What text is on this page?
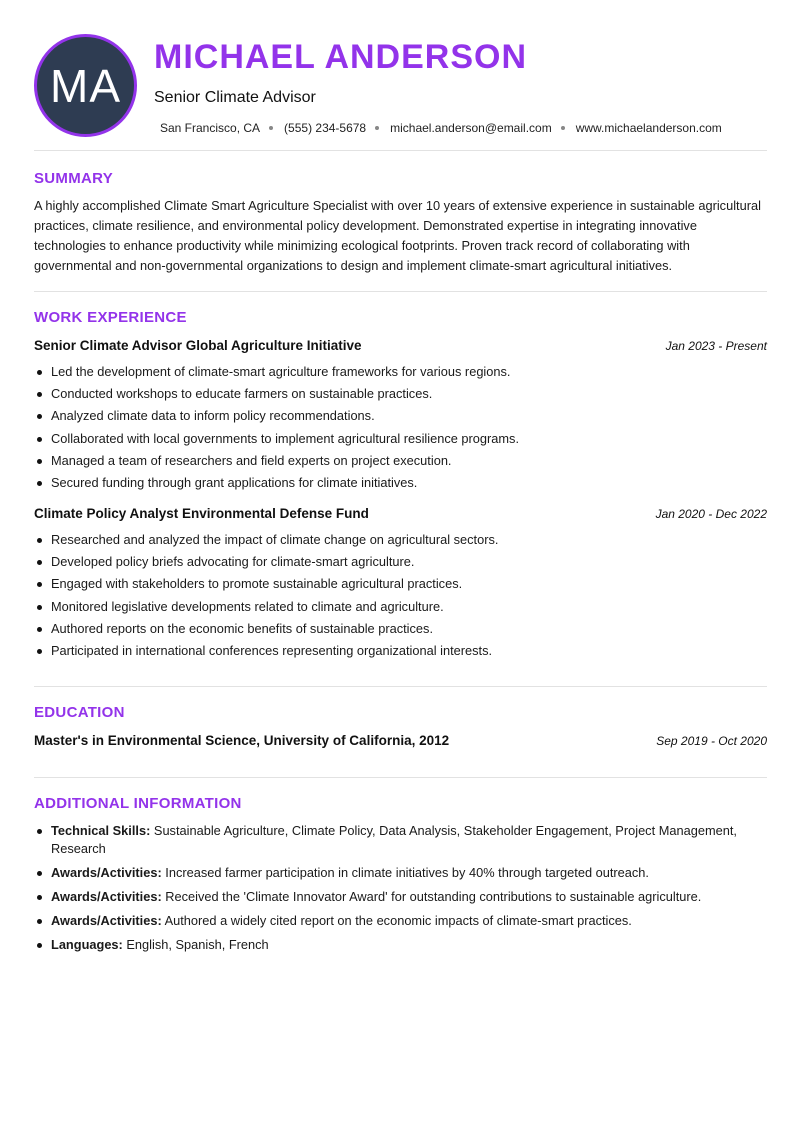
MA
MICHAEL ANDERSON
Senior Climate Advisor
San Francisco, CA (555) 234-5678 michael.anderson@email.com www.michaelanderson.com
SUMMARY

A highly accomplished Climate Smart Agriculture Specialist with over 10 years of extensive experience in sustainable agricultural practices, climate resilience, and environmental policy development. Demonstrated expertise in integrating innovative technologies to enhance productivity while minimizing ecological footprints. Proven track record of collaborating with governmental and non-governmental organizations to design and implement climate-smart agricultural initiatives.

WORK EXPERIENCE
Senior Climate Advisor Global Agriculture Initiative	Jan 2023 - Present
Led the development of climate-smart agriculture frameworks for various regions.
Conducted workshops to educate farmers on sustainable practices.
Analyzed climate data to inform policy recommendations.
Collaborated with local governments to implement agricultural resilience programs.
Managed a team of researchers and field experts on project execution.
Secured funding through grant applications for climate initiatives.
Climate Policy Analyst Environmental Defense Fund	Jan 2020 - Dec 2022
Researched and analyzed the impact of climate change on agricultural sectors.
Developed policy briefs advocating for climate-smart agriculture.
Engaged with stakeholders to promote sustainable agricultural practices.
Monitored legislative developments related to climate and agriculture.
Authored reports on the economic benefits of sustainable practices.
Participated in international conferences representing organizational interests.
EDUCATION
Master's in Environmental Science, University of California, 2012	Sep 2019 - Oct 2020
ADDITIONAL INFORMATION
Technical Skills: Sustainable Agriculture, Climate Policy, Data Analysis, Stakeholder Engagement, Project Management, Research
Awards/Activities: Increased farmer participation in climate initiatives by 40% through targeted outreach.
Awards/Activities: Received the 'Climate Innovator Award' for outstanding contributions to sustainable agriculture.
Awards/Activities: Authored a widely cited report on the economic impacts of climate-smart practices.
Languages: English, Spanish, French
